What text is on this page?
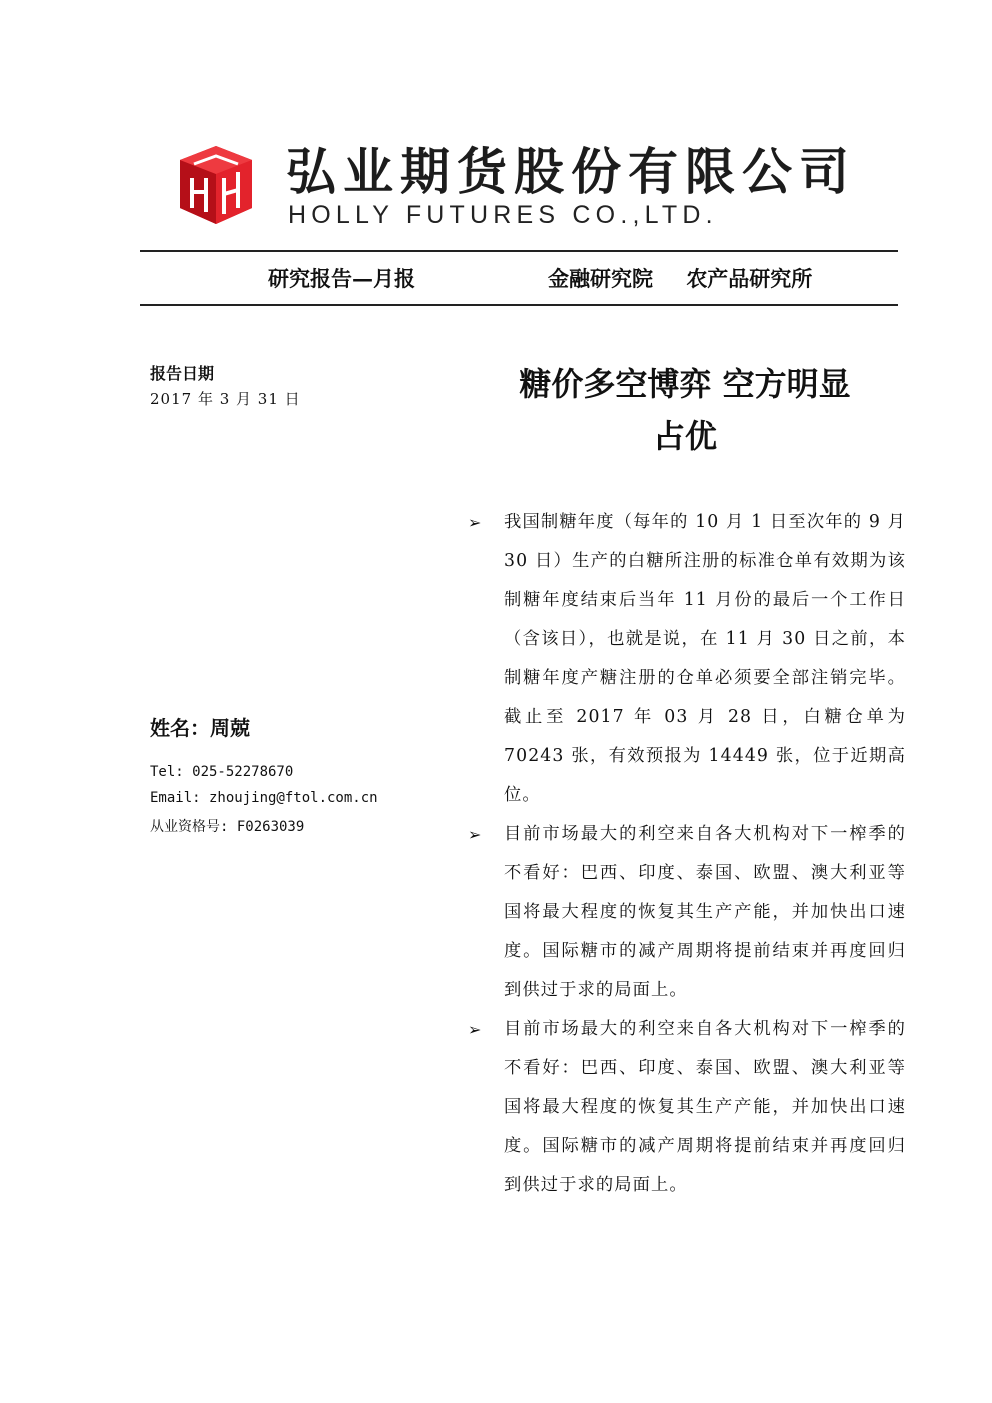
弘业期货股份有限公司
HOLLY FUTURES CO.,LTD.
研究报告—月报	金融研究院 农产品研究所
报告日期
2017 年 3 月 31 日	糖价多空博弈 空方明显
占优
姓名：周兢
Tel: 025-52278670
Email: zhoujing@ftol.com.cn
从业资格号: F0263039
➢ 我国制糖年度（每年的 10 月 1 日至次年的 9 月 30 日）生产的白糖所注册的标准仓单有效期为该制糖年度结束后当年 11 月份的最后一个工作日（含该日），也就是说，在 11 月 30 日之前，本制糖年度产糖注册的仓单必须要全部注销完毕。截止至 2017 年 03 月 28 日，白糖仓单为 70243 张，有效预报为 14449 张，位于近期高位。
➢ 目前市场最大的利空来自各大机构对下一榨季的不看好：巴西、印度、泰国、欧盟、澳大利亚等国将最大程度的恢复其生产产能，并加快出口速度。国际糖市的减产周期将提前结束并再度回归到供过于求的局面上。
➢ 目前市场最大的利空来自各大机构对下一榨季的不看好：巴西、印度、泰国、欧盟、澳大利亚等国将最大程度的恢复其生产产能，并加快出口速度。国际糖市的减产周期将提前结束并再度回归到供过于求的局面上。
